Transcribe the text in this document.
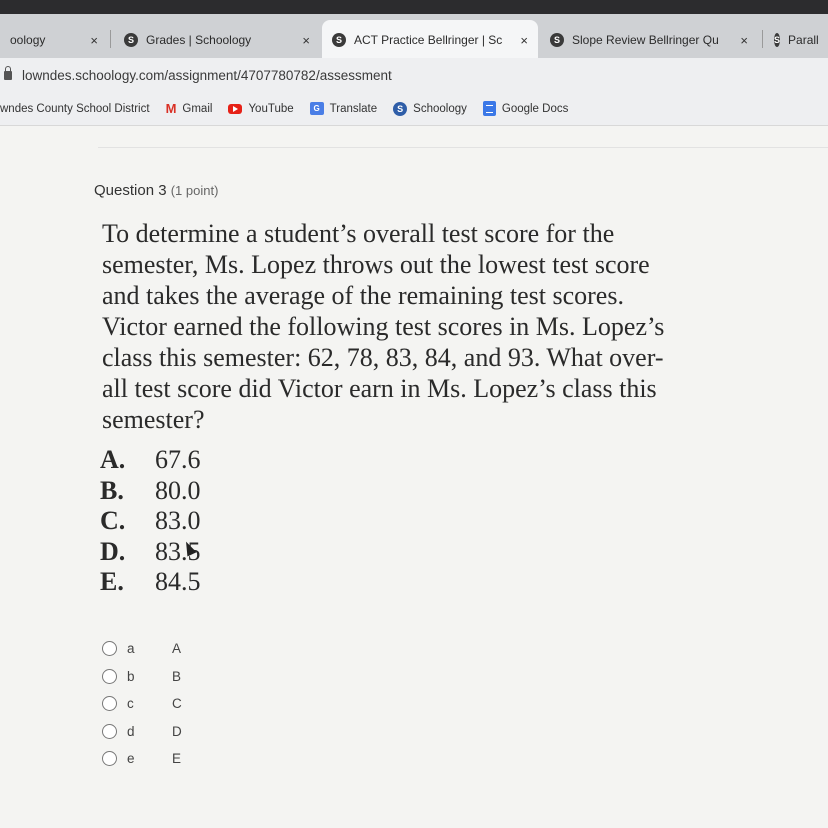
oology	×	S	Grades | Schoology	×	S	ACT Practice Bellringer | Sc	×	S	Slope Review Bellringer Qu	×	S Parall
lowndes.schoology.com/assignment/4707780782/assessment
wndes County School District M Gmail	YouTube	G Translate	S Schoology	Google Docs
Question 3 (1 point)
To determine a student’s overall test score for the
semester, Ms. Lopez throws out the lowest test score
and takes the average of the remaining test scores.
Victor earned the following test scores in Ms. Lopez’s
class this semester: 62, 78, 83, 84, and 93. What over-
all test score did Victor earn in Ms. Lopez’s class this
semester?
A.	67.6
B.	80.0
C.	83.0
D.	83.5
E.	84.5
a	A
b	B
c	C
d	D
e	E
